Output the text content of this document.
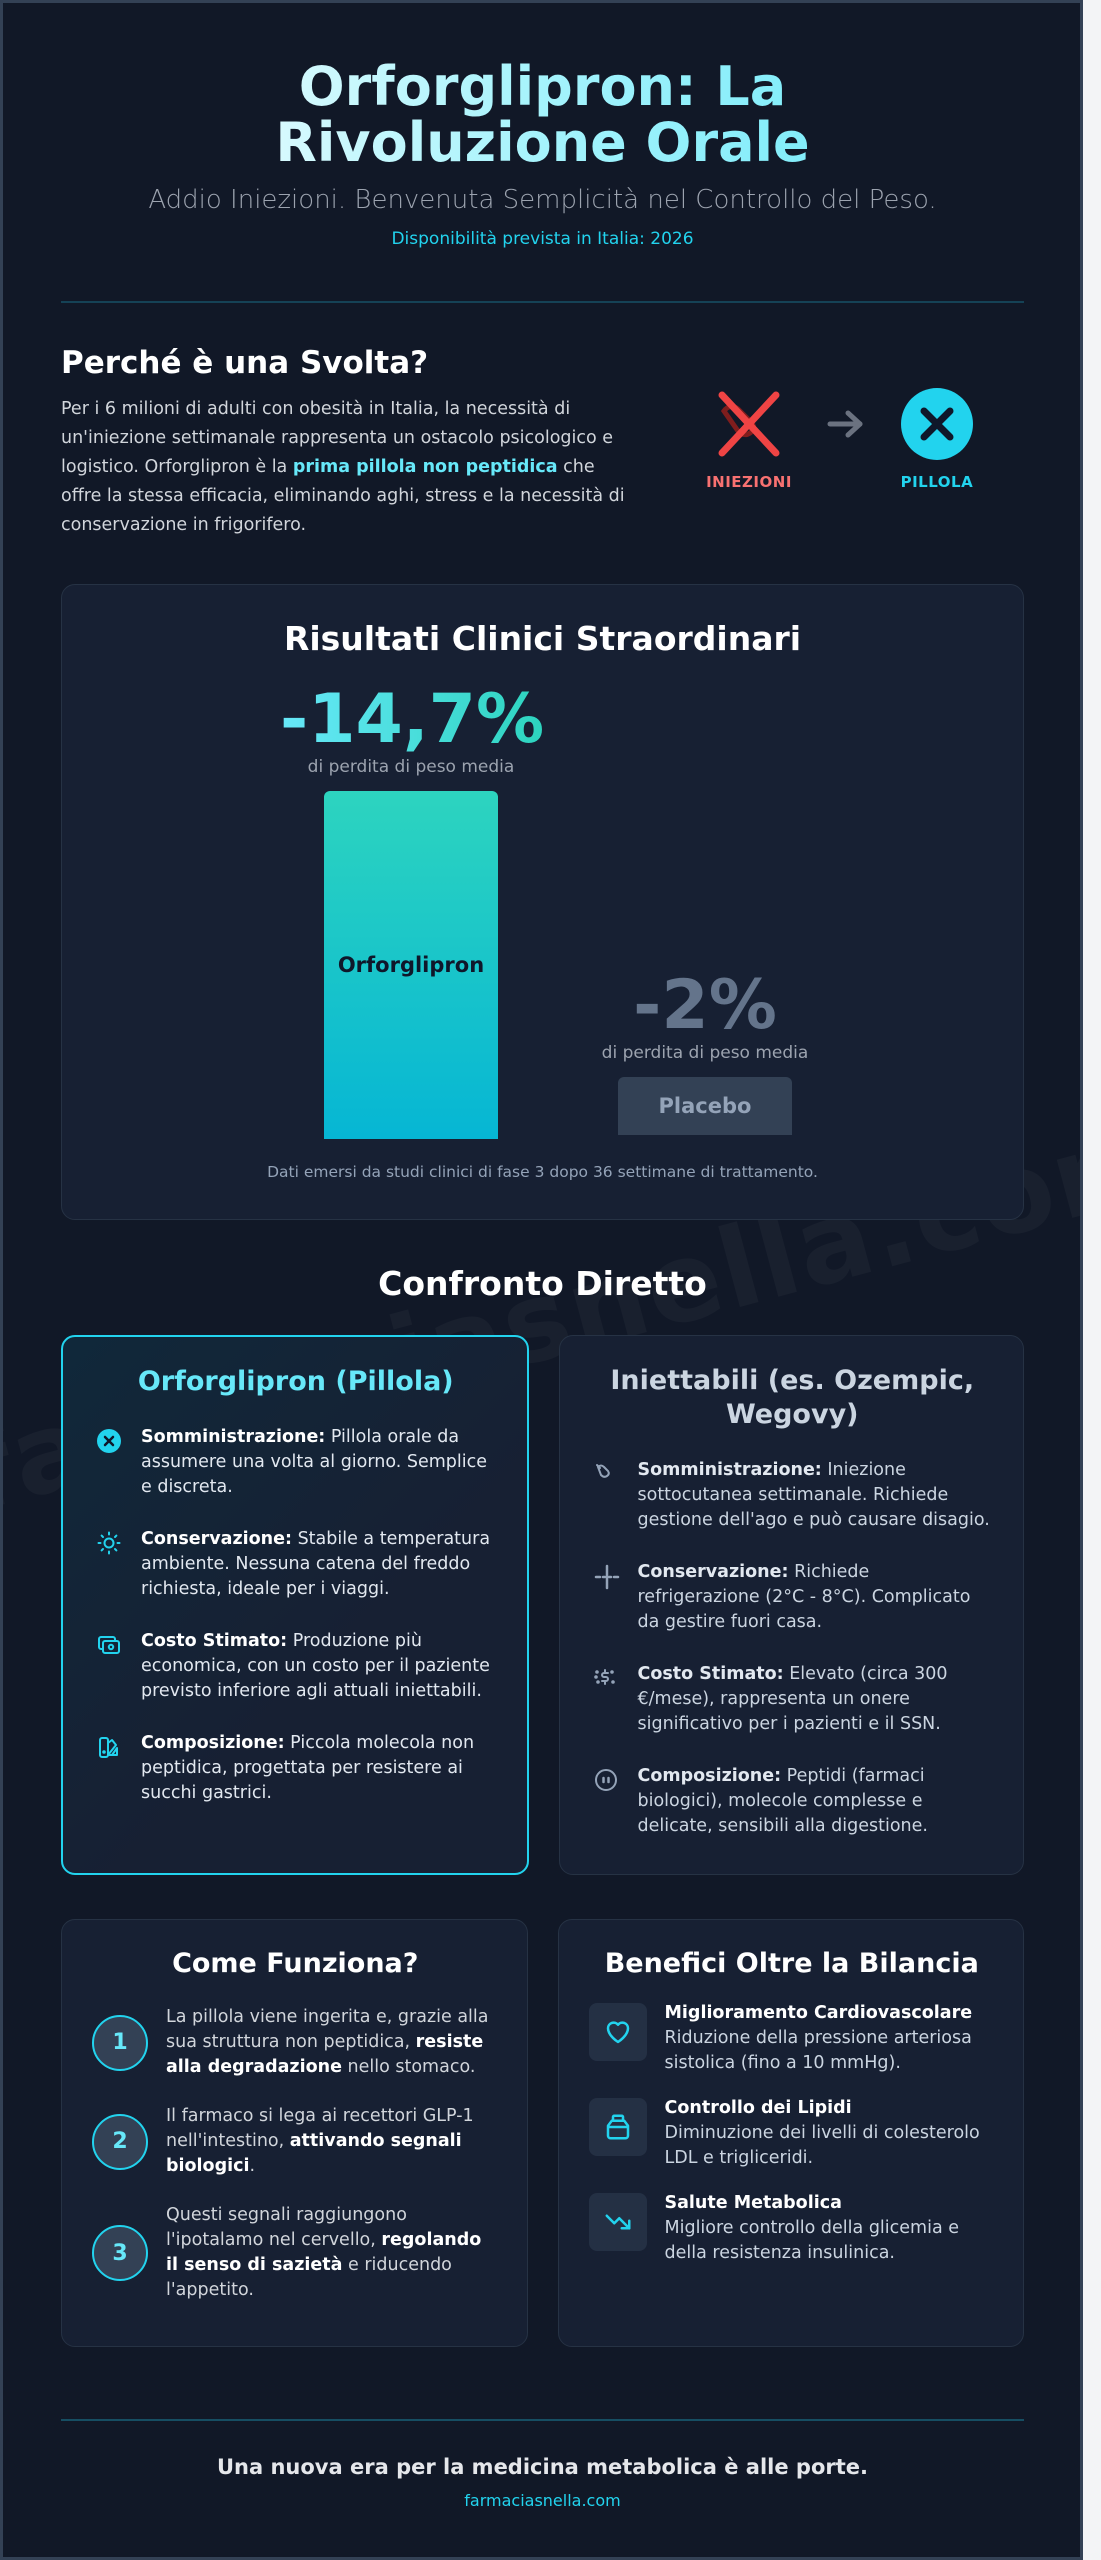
Orforglipron: La Rivoluzione Orale

Addio Iniezioni. Benvenuta Semplicità nel Controllo del Peso.

Disponibilità prevista in Italia: 2026

Perché è una Svolta?

Per i 6 milioni di adulti con obesità in Italia, la necessità di un'iniezione settimanale rappresenta un ostacolo psicologico e logistico. Orforglipron è la prima pillola non peptidica che offre la stessa efficacia, eliminando aghi, stress e la necessità di conservazione in frigorifero.

INIEZIONI	PILLOLA
Risultati Clinici Straordinari
-14,7%
di perdita di peso media
Orforglipron
-2%
di perdita di peso media
Placebo

Dati emersi da studi clinici di fase 3 dopo 36 settimane di trattamento.

Confronto Diretto
Orforglipron (Pillola)

Somministrazione: Pillola orale da assumere una volta al giorno. Semplice e discreta.

Conservazione: Stabile a temperatura ambiente. Nessuna catena del freddo richiesta, ideale per i viaggi.

Costo Stimato: Produzione più economica, con un costo per il paziente previsto inferiore agli attuali iniettabili.

Composizione: Piccola molecola non peptidica, progettata per resistere ai succhi gastrici.

Iniettabili (es. Ozempic, Wegovy)

Somministrazione: Iniezione sottocutanea settimanale. Richiede gestione dell'ago e può causare disagio.

Conservazione: Richiede refrigerazione (2°C - 8°C). Complicato da gestire fuori casa.

Costo Stimato: Elevato (circa 300 €/mese), rappresenta un onere significativo per i pazienti e il SSN.

Composizione: Peptidi (farmaci biologici), molecole complesse e delicate, sensibili alla digestione.

Come Funziona?
1

La pillola viene ingerita e, grazie alla sua struttura non peptidica, resiste alla degradazione nello stomaco.

2

Il farmaco si lega ai recettori GLP-1 nell'intestino, attivando segnali biologici.

3

Questi segnali raggiungono l'ipotalamo nel cervello, regolando il senso di sazietà e riducendo l'appetito.

Benefici Oltre la Bilancia

Miglioramento Cardiovascolare

Riduzione della pressione arteriosa sistolica (fino a 10 mmHg).

Controllo dei Lipidi

Diminuzione dei livelli di colesterolo LDL e trigliceridi.

Salute Metabolica

Migliore controllo della glicemia e della resistenza insulinica.

Una nuova era per la medicina metabolica è alle porte.

farmaciasnella.com
